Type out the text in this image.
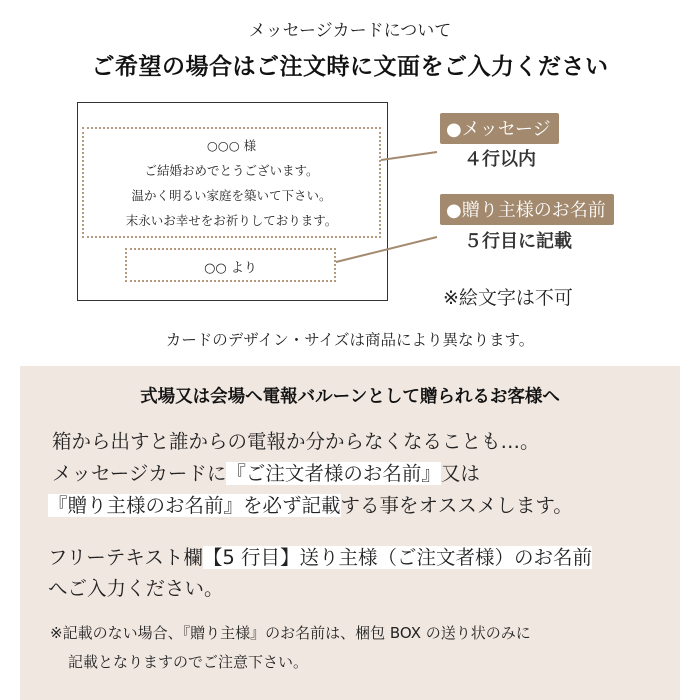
メッセージカードについて
ご希望の場合はご注文時に文面をご入力ください
○○○ 様
ご結婚おめでとうございます。
温かく明るい家庭を築いて下さい。
末永いお幸せをお祈りしております。
○○ より
●メッセージ
４行以内
●贈り主様のお名前
５行目に記載
※絵文字は不可
カードのデザイン・サイズは商品により異なります。
式場又は会場へ電報バルーンとして贈られるお客様へ
箱から出すと誰からの電報か分からなくなることも…。
メッセージカードに『ご注文者様のお名前』又は
『贈り主様のお名前』を必ず記載する事をオススメします。
フリーテキスト欄【5 行目】送り主様（ご注文者様）のお名前
へご入力ください。
※記載のない場合、『贈り主様』のお名前は、梱包 BOX の送り状のみに
記載となりますのでご注意下さい。
